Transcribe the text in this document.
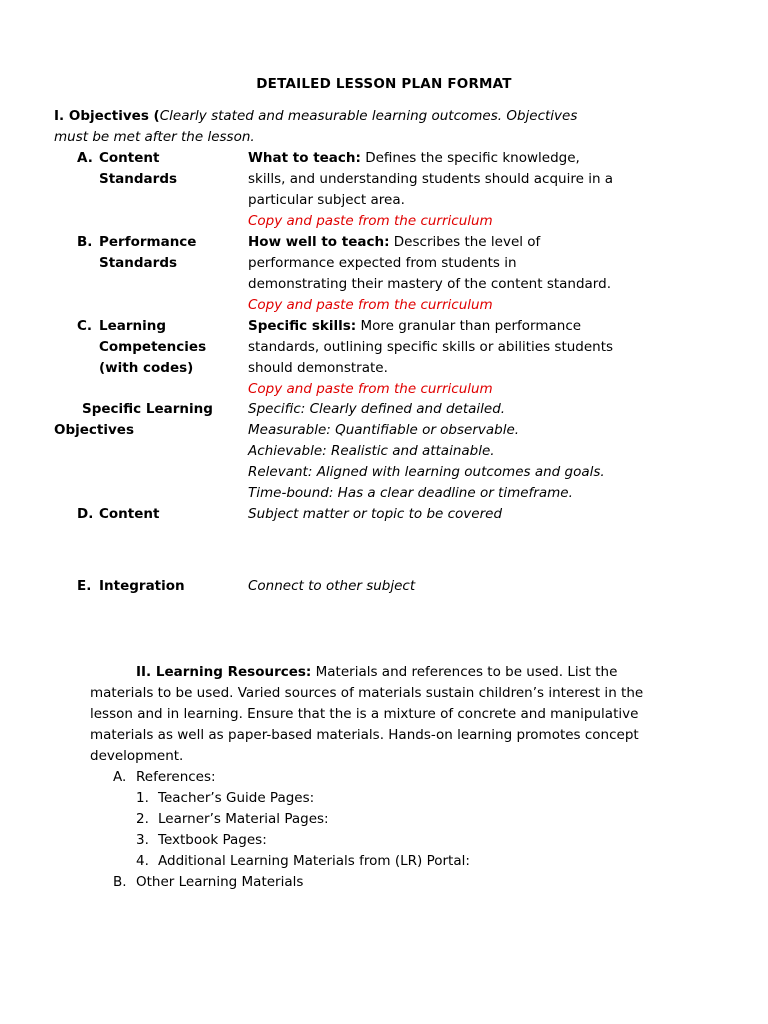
DETAILED LESSON PLAN FORMAT
I. Objectives (Clearly stated and measurable learning outcomes. Objectives
must be met after the lesson.
A. Content
Standards
What to teach: Defines the specific knowledge,
skills, and understanding students should acquire in a
particular subject area.
Copy and paste from the curriculum
B. Performance
Standards
How well to teach: Describes the level of
performance expected from students in
demonstrating their mastery of the content standard.
Copy and paste from the curriculum
C. Learning
Competencies
(with codes)
Specific skills: More granular than performance
standards, outlining specific skills or abilities students
should demonstrate.
Copy and paste from the curriculum
Specific Learning
Objectives
Specific: Clearly defined and detailed.
Measurable: Quantifiable or observable.
Achievable: Realistic and attainable.
Relevant: Aligned with learning outcomes and goals.
Time-bound: Has a clear deadline or timeframe.
D. Content	Subject matter or topic to be covered
E. Integration	Connect to other subject
II. Learning Resources: Materials and references to be used. List the
materials to be used. Varied sources of materials sustain children’s interest in the
lesson and in learning. Ensure that the is a mixture of concrete and manipulative
materials as well as paper-based materials. Hands-on learning promotes concept
development.
A. References:
1. Teacher’s Guide Pages:
2. Learner’s Material Pages:
3. Textbook Pages:
4. Additional Learning Materials from (LR) Portal:
B. Other Learning Materials
